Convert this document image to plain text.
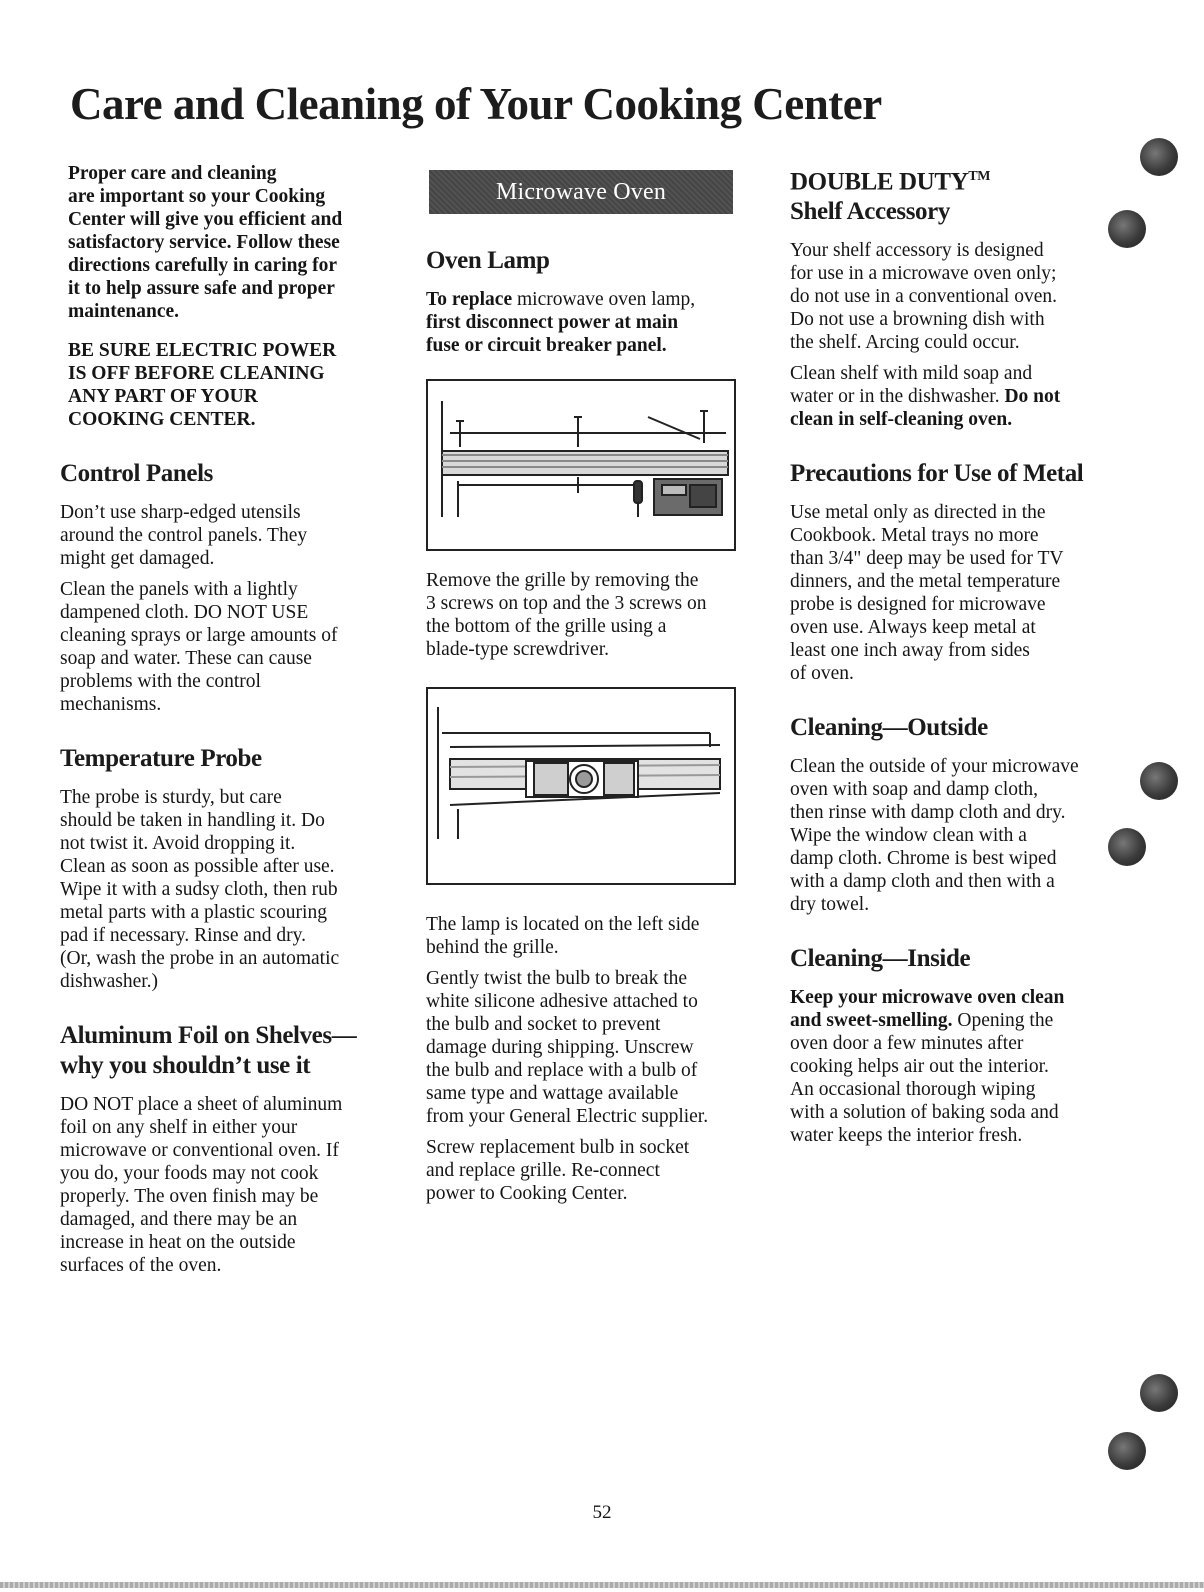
Care and Cleaning of Your Cooking Center

Proper care and cleaning
are important so your Cooking
Center will give you efficient and
satisfactory service. Follow these
directions carefully in caring for
it to help assure safe and proper
maintenance.

BE SURE ELECTRIC POWER
IS OFF BEFORE CLEANING
ANY PART OF YOUR
COOKING CENTER.

Control Panels

Don’t use sharp-edged utensils
around the control panels. They
might get damaged.

Clean the panels with a lightly
dampened cloth. DO NOT USE
cleaning sprays or large amounts of
soap and water. These can cause
problems with the control
mechanisms.

Temperature Probe

The probe is sturdy, but care
should be taken in handling it. Do
not twist it. Avoid dropping it.
Clean as soon as possible after use.
Wipe it with a sudsy cloth, then rub
metal parts with a plastic scouring
pad if necessary. Rinse and dry.
(Or, wash the probe in an automatic
dishwasher.)

Aluminum Foil on Shelves—
why you shouldn’t use it

DO NOT place a sheet of aluminum
foil on any shelf in either your
microwave or conventional oven. If
you do, your foods may not cook
properly. The oven finish may be
damaged, and there may be an
increase in heat on the outside
surfaces of the oven.

Microwave Oven
Oven Lamp

To replace microwave oven lamp,
first disconnect power at main
fuse or circuit breaker panel.

Remove the grille by removing the
3 screws on top and the 3 screws on
the bottom of the grille using a
blade-type screwdriver.

The lamp is located on the left side
behind the grille.

Gently twist the bulb to break the
white silicone adhesive attached to
the bulb and socket to prevent
damage during shipping. Unscrew
the bulb and replace with a bulb of
same type and wattage available
from your General Electric supplier.

Screw replacement bulb in socket
and replace grille. Re-connect
power to Cooking Center.

DOUBLE DUTY™
Shelf Accessory

Your shelf accessory is designed
for use in a microwave oven only;
do not use in a conventional oven.
Do not use a browning dish with
the shelf. Arcing could occur.

Clean shelf with mild soap and
water or in the dishwasher. Do not
clean in self-cleaning oven.

Precautions for Use of Metal

Use metal only as directed in the
Cookbook. Metal trays no more
than 3/4" deep may be used for TV
dinners, and the metal temperature
probe is designed for microwave
oven use. Always keep metal at
least one inch away from sides
of oven.

Cleaning—Outside

Clean the outside of your microwave
oven with soap and damp cloth,
then rinse with damp cloth and dry.
Wipe the window clean with a
damp cloth. Chrome is best wiped
with a damp cloth and then with a
dry towel.

Cleaning—Inside

Keep your microwave oven clean
and sweet-smelling. Opening the
oven door a few minutes after
cooking helps air out the interior.
An occasional thorough wiping
with a solution of baking soda and
water keeps the interior fresh.

52
